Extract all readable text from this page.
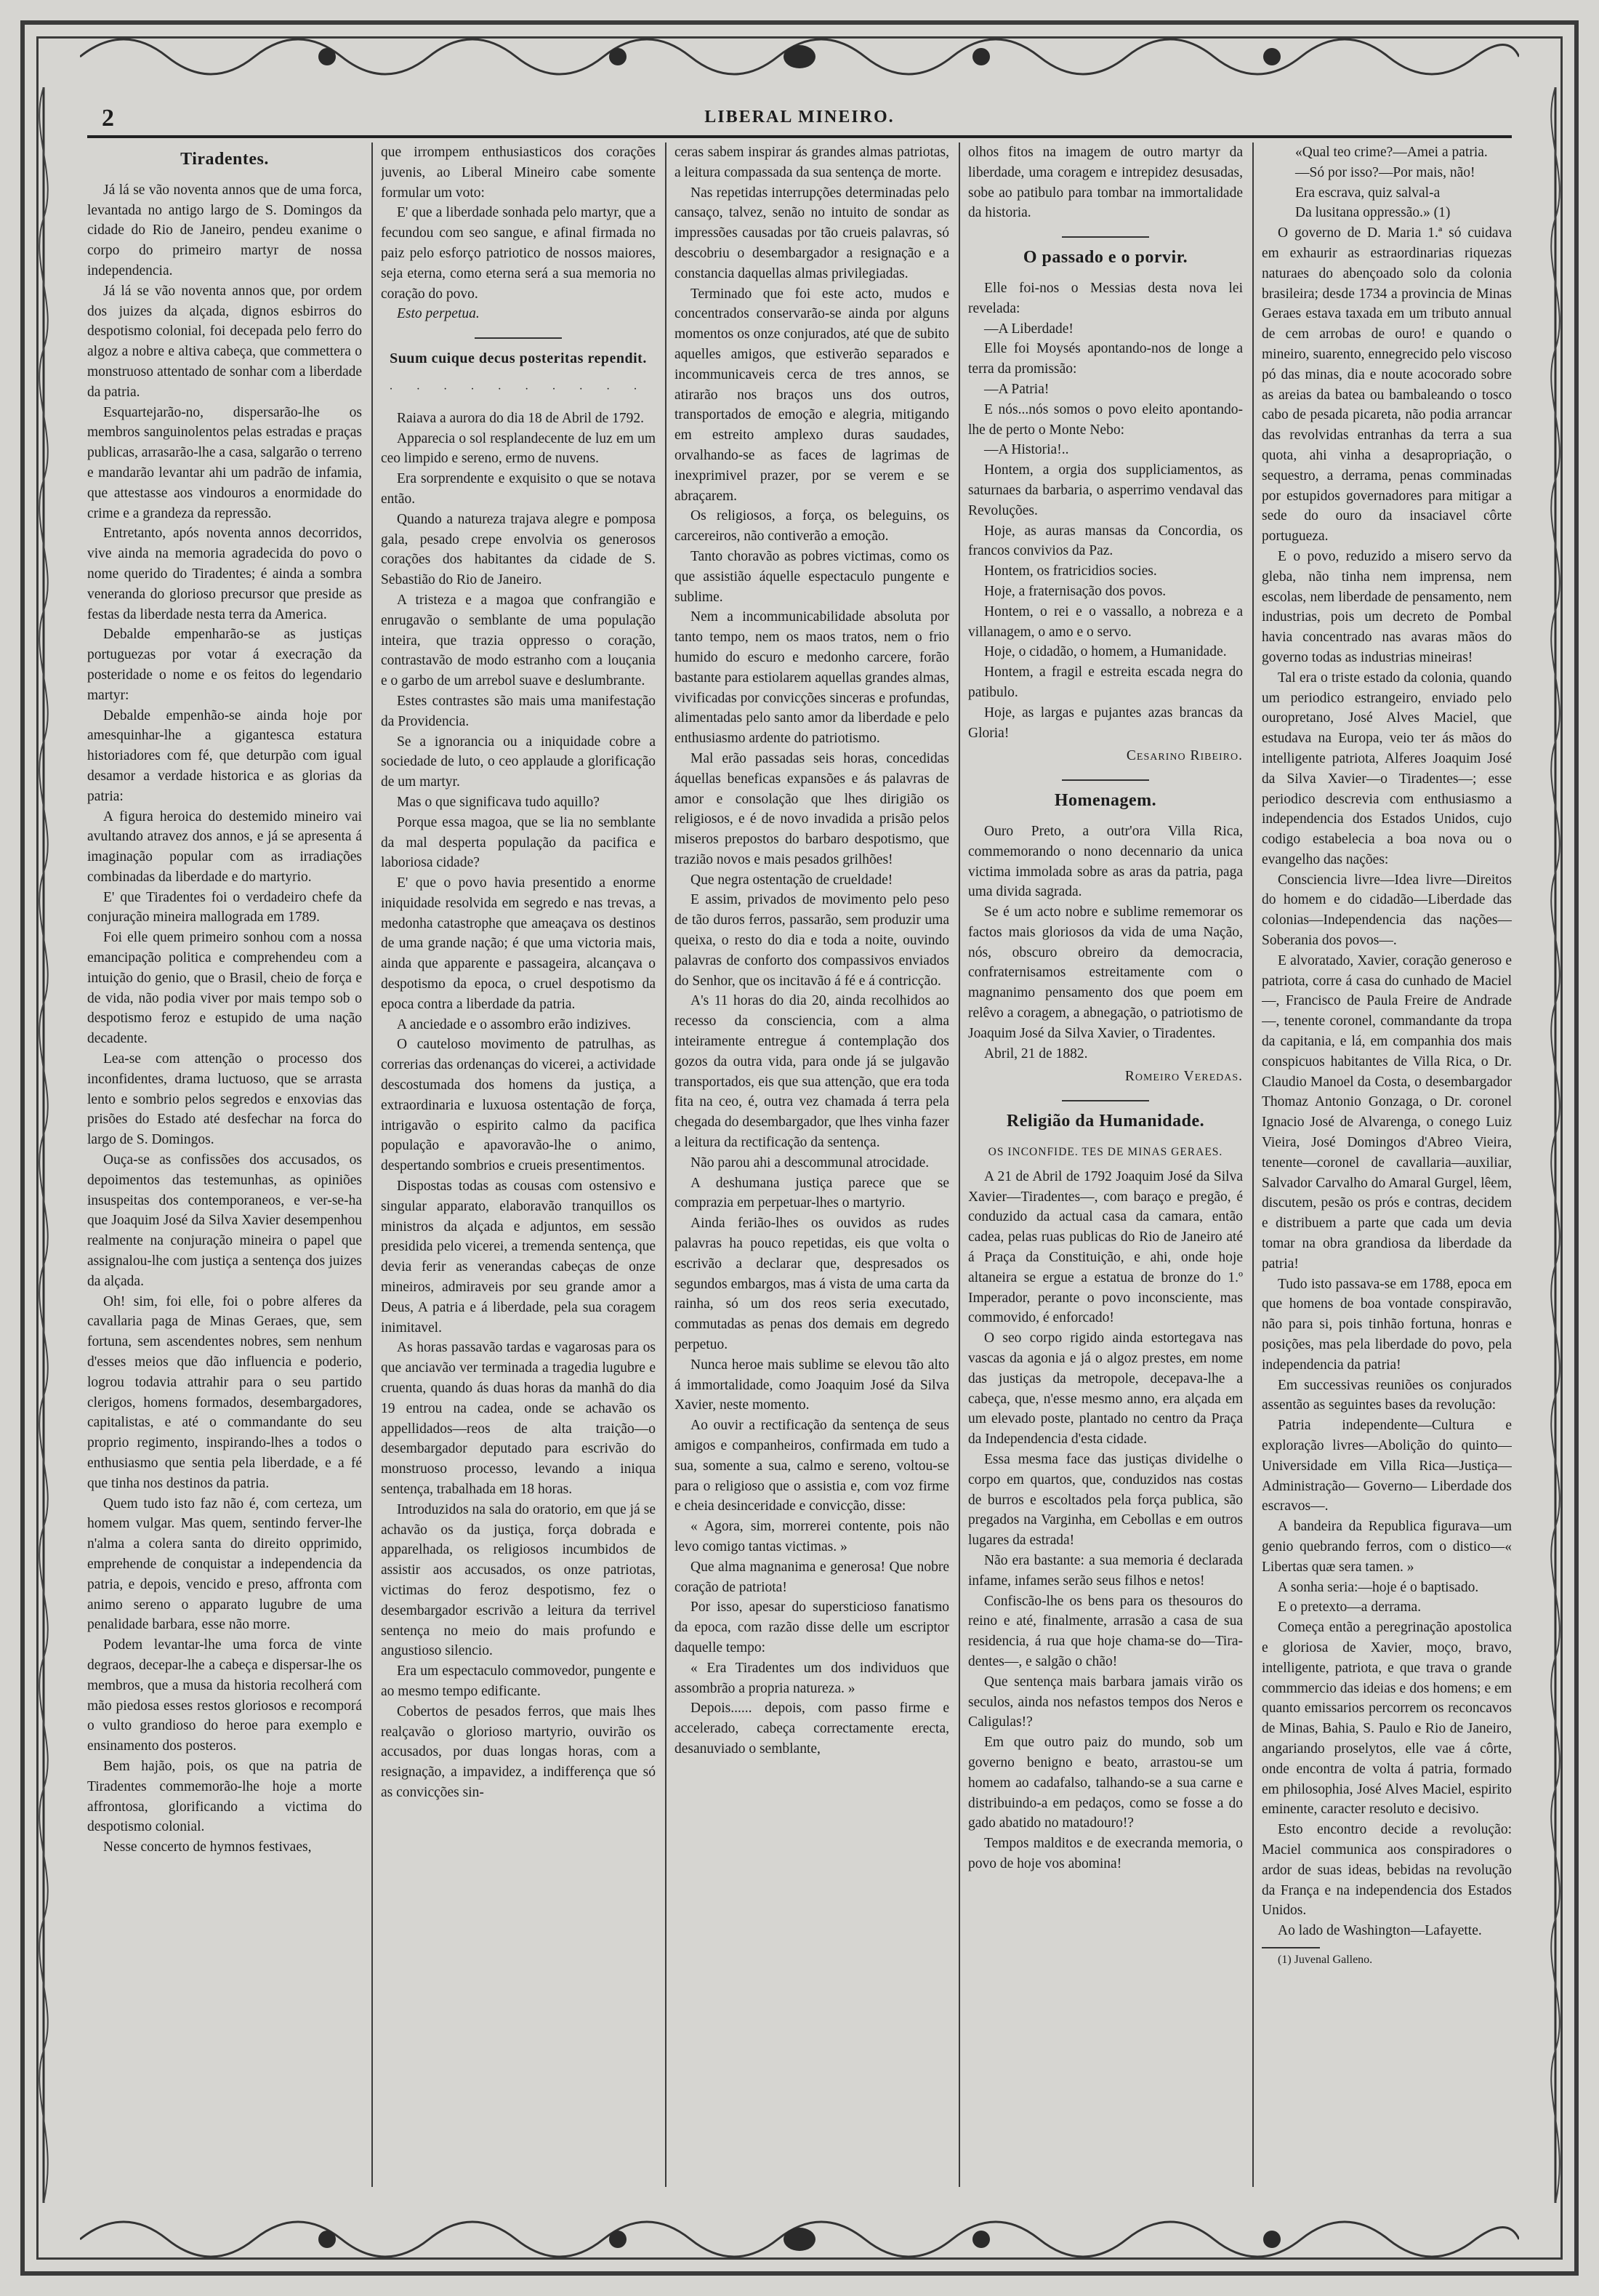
2	LIBERAL MINEIRO.
Tiradentes.

Já lá se vão noventa annos que de uma forca, levantada no antigo largo de S. Domingos da cidade do Rio de Janeiro, pendeu exanime o corpo do primeiro martyr de nossa independencia.

Já lá se vão noventa annos que, por ordem dos juizes da alçada, dignos esbirros do despotismo colonial, foi decepada pelo ferro do algoz a nobre e altiva cabeça, que commettera o monstruoso attentado de sonhar com a liberdade da patria.

Esquartejarão-no, dispersarão-lhe os membros sanguinolentos pelas estradas e praças publicas, arrasarão-lhe a casa, salgarão o terreno e mandarão levantar ahi um padrão de infamia, que attestasse aos vindouros a enormidade do crime e a grandeza da repressão.

Entretanto, após noventa annos decorridos, vive ainda na memoria agradecida do povo o nome querido do Tiradentes; é ainda a sombra veneranda do glorioso precursor que preside as festas da liberdade nesta terra da America.

Debalde empenharão-se as justiças portuguezas por votar á execração da posteridade o nome e os feitos do legendario martyr:

Debalde empenhão-se ainda hoje por amesquinhar-lhe a gigantesca estatura historiadores com fé, que deturpão com igual desamor a verdade historica e as glorias da patria:

A figura heroica do destemido mineiro vai avultando atravez dos annos, e já se apresenta á imaginação popular com as irradiações combinadas da liberdade e do martyrio.

E' que Tiradentes foi o verdadeiro chefe da conjuração mineira mallograda em 1789.

Foi elle quem primeiro sonhou com a nossa emancipação politica e comprehendeu com a intuição do genio, que o Brasil, cheio de força e de vida, não podia viver por mais tempo sob o despotismo feroz e estupido de uma nação decadente.

Lea-se com attenção o processo dos inconfidentes, drama luctuoso, que se arrasta lento e sombrio pelos segredos e enxovias das prisões do Estado até desfechar na forca do largo de S. Domingos.

Ouça-se as confissões dos accusados, os depoimentos das testemunhas, as opiniões insuspeitas dos contemporaneos, e ver-se-ha que Joaquim José da Silva Xavier desempenhou realmente na conjuração mineira o papel que assignalou-lhe com justiça a sentença dos juizes da alçada.

Oh! sim, foi elle, foi o pobre alferes da cavallaria paga de Minas Geraes, que, sem fortuna, sem ascendentes nobres, sem nenhum d'esses meios que dão influencia e poderio, logrou todavia attrahir para o seu partido clerigos, homens formados, desembargadores, capitalistas, e até o commandante do seu proprio regimento, inspirando-lhes a todos o enthusiasmo que sentia pela liberdade, e a fé que tinha nos destinos da patria.

Quem tudo isto faz não é, com certeza, um homem vulgar. Mas quem, sentindo ferver-lhe n'alma a colera santa do direito opprimido, emprehende de conquistar a independencia da patria, e depois, vencido e preso, affronta com animo sereno o apparato lugubre de uma penalidade barbara, esse não morre.

Podem levantar-lhe uma forca de vinte degraos, decepar-lhe a cabeça e dispersar-lhe os membros, que a musa da historia recolherá com mão piedosa esses restos gloriosos e recomporá o vulto grandioso do heroe para exemplo e ensinamento dos posteros.

Bem hajão, pois, os que na patria de Tiradentes commemorão-lhe hoje a morte affrontosa, glorificando a victima do despotismo colonial.

Nesse concerto de hymnos festivaes,

que irrompem enthusiasticos dos corações juvenis, ao Liberal Mineiro cabe somente formular um voto:

E' que a liberdade sonhada pelo martyr, que a fecundou com seo sangue, e afinal firmada no paiz pelo esforço patriotico de nossos maiores, seja eterna, como eterna será a sua memoria no coração do povo.

Esto perpetua.

Suum cuique decus posteritas rependit.
· · · · · · · · · ·

Raiava a aurora do dia 18 de Abril de 1792.

Apparecia o sol resplandecente de luz em um ceo limpido e sereno, ermo de nuvens.

Era sorprendente e exquisito o que se notava então.

Quando a natureza trajava alegre e pomposa gala, pesado crepe envolvia os generosos corações dos habitantes da cidade de S. Sebastião do Rio de Janeiro.

A tristeza e a magoa que confrangião e enrugavão o semblante de uma população inteira, que trazia oppresso o coração, contrastavão de modo estranho com a louçania e o garbo de um arrebol suave e deslumbrante.

Estes contrastes são mais uma manifestação da Providencia.

Se a ignorancia ou a iniquidade cobre a sociedade de luto, o ceo applaude a glorificação de um martyr.

Mas o que significava tudo aquillo?

Porque essa magoa, que se lia no semblante da mal desperta população da pacifica e laboriosa cidade?

E' que o povo havia presentido a enorme iniquidade resolvida em segredo e nas trevas, a medonha catastrophe que ameaçava os destinos de uma grande nação; é que uma victoria mais, ainda que apparente e passageira, alcançava o despotismo da epoca, o cruel despotismo da epoca contra a liberdade da patria.

A anciedade e o assombro erão indizives.

O cauteloso movimento de patrulhas, as correrias das ordenanças do vicerei, a actividade descostumada dos homens da justiça, a extraordinaria e luxuosa ostentação de força, intrigavão o espirito calmo da pacifica população e apavoravão-lhe o animo, despertando sombrios e crueis presentimentos.

Dispostas todas as cousas com ostensivo e singular apparato, elaboravão tranquillos os ministros da alçada e adjuntos, em sessão presidida pelo vicerei, a tremenda sentença, que devia ferir as venerandas cabeças de onze mineiros, admiraveis por seu grande amor a Deus, A patria e á liberdade, pela sua coragem inimitavel.

As horas passavão tardas e vagarosas para os que anciavão ver terminada a tragedia lugubre e cruenta, quando ás duas horas da manhã do dia 19 entrou na cadea, onde se achavão os appellidados—reos de alta traição—o desembargador deputado para escrivão do monstruoso processo, levando a iniqua sentença, trabalhada em 18 horas.

Introduzidos na sala do oratorio, em que já se achavão os da justiça, força dobrada e apparelhada, os religiosos incumbidos de assistir aos accusados, os onze patriotas, victimas do feroz despotismo, fez o desembargador escrivão a leitura da terrivel sentença no meio do mais profundo e angustioso silencio.

Era um espectaculo commovedor, pungente e ao mesmo tempo edificante.

Cobertos de pesados ferros, que mais lhes realçavão o glorioso martyrio, ouvirão os accusados, por duas longas horas, com a resignação, a impavidez, a indifferença que só as convicções sin-

ceras sabem inspirar ás grandes almas patriotas, a leitura compassada da sua sentença de morte.

Nas repetidas interrupções determinadas pelo cansaço, talvez, senão no intuito de sondar as impressões causadas por tão crueis palavras, só descobriu o desembargador a resignação e a constancia daquellas almas privilegiadas.

Terminado que foi este acto, mudos e concentrados conservarão-se ainda por alguns momentos os onze conjurados, até que de subito aquelles amigos, que estiverão separados e incommunicaveis cerca de tres annos, se atirarão nos braços uns dos outros, transportados de emoção e alegria, mitigando em estreito amplexo duras saudades, orvalhando-se as faces de lagrimas de inexprimivel prazer, por se verem e se abraçarem.

Os religiosos, a força, os beleguins, os carcereiros, não contiverão a emoção.

Tanto choravão as pobres victimas, como os que assistião áquelle espectaculo pungente e sublime.

Nem a incommunicabilidade absoluta por tanto tempo, nem os maos tratos, nem o frio humido do escuro e medonho carcere, forão bastante para estiolarem aquellas grandes almas, vivificadas por convicções sinceras e profundas, alimentadas pelo santo amor da liberdade e pelo enthusiasmo ardente do patriotismo.

Mal erão passadas seis horas, concedidas áquellas beneficas expansões e ás palavras de amor e consolação que lhes dirigião os religiosos, e é de novo invadida a prisão pelos miseros prepostos do barbaro despotismo, que trazião novos e mais pesados grilhões!

Que negra ostentação de crueldade!

E assim, privados de movimento pelo peso de tão duros ferros, passarão, sem produzir uma queixa, o resto do dia e toda a noite, ouvindo palavras de conforto dos compassivos enviados do Senhor, que os incitavão á fé e á contricção.

A's 11 horas do dia 20, ainda recolhidos ao recesso da consciencia, com a alma inteiramente entregue á contemplação dos gozos da outra vida, para onde já se julgavão transportados, eis que sua attenção, que era toda fita na ceo, é, outra vez chamada á terra pela chegada do desembargador, que lhes vinha fazer a leitura da rectificação da sentença.

Não parou ahi a descommunal atrocidade.

A deshumana justiça parece que se comprazia em perpetuar-lhes o martyrio.

Ainda ferião-lhes os ouvidos as rudes palavras ha pouco repetidas, eis que volta o escrivão a declarar que, despresados os segundos embargos, mas á vista de uma carta da rainha, só um dos reos seria executado, commutadas as penas dos demais em degredo perpetuo.

Nunca heroe mais sublime se elevou tão alto á immortalidade, como Joaquim José da Silva Xavier, neste momento.

Ao ouvir a rectificação da sentença de seus amigos e companheiros, confirmada em tudo a sua, somente a sua, calmo e sereno, voltou-se para o religioso que o assistia e, com voz firme e cheia desinceridade e convicção, disse:

« Agora, sim, morrerei contente, pois não levo comigo tantas victimas. »

Que alma magnanima e generosa! Que nobre coração de patriota!

Por isso, apesar do supersticioso fanatismo da epoca, com razão disse delle um escriptor daquelle tempo:

« Era Tiradentes um dos individuos que assombrão a propria natureza. »

Depois...... depois, com passo firme e accelerado, cabeça correctamente erecta, desanuviado o semblante,

olhos fitos na imagem de outro martyr da liberdade, uma coragem e intrepidez desusadas, sobe ao patibulo para tombar na immortalidade da historia.

O passado e o porvir.

Elle foi-nos o Messias desta nova lei revelada:

—A Liberdade!

Elle foi Moysés apontando-nos de longe a terra da promissão:

—A Patria!

E nós...nós somos o povo eleito apontando-lhe de perto o Monte Nebo:

—A Historia!..

Hontem, a orgia dos suppliciamentos, as saturnaes da barbaria, o asperrimo vendaval das Revoluções.

Hoje, as auras mansas da Concordia, os francos convivios da Paz.

Hontem, os fratricidios socies.

Hoje, a fraternisação dos povos.

Hontem, o rei e o vassallo, a nobreza e a villanagem, o amo e o servo.

Hoje, o cidadão, o homem, a Humanidade.

Hontem, a fragil e estreita escada negra do patibulo.

Hoje, as largas e pujantes azas brancas da Gloria!

Cesarino Ribeiro.

Homenagem.

Ouro Preto, a outr'ora Villa Rica, commemorando o nono decennario da unica victima immolada sobre as aras da patria, paga uma divida sagrada.

Se é um acto nobre e sublime rememorar os factos mais gloriosos da vida de uma Nação, nós, obscuro obreiro da democracia, confraternisamos estreitamente com o magnanimo pensamento dos que poem em relêvo a coragem, a abnegação, o patriotismo de Joaquim José da Silva Xavier, o Tiradentes.

Abril, 21 de 1882.

Romeiro Veredas.

Religião da Humanidade.
OS INCONFIDE. TES DE MINAS GERAES.

A 21 de Abril de 1792 Joaquim José da Silva Xavier—Tiradentes—, com baraço e pregão, é conduzido da actual casa da camara, então cadea, pelas ruas publicas do Rio de Janeiro até á Praça da Constituição, e ahi, onde hoje altaneira se ergue a estatua de bronze do 1.º Imperador, perante o povo inconsciente, mas commovido, é enforcado!

O seo corpo rigido ainda estortegava nas vascas da agonia e já o algoz prestes, em nome das justiças da metropole, decepava-lhe a cabeça, que, n'esse mesmo anno, era alçada em um elevado poste, plantado no centro da Praça da Independencia d'esta cidade.

Essa mesma face das justiças dividelhe o corpo em quartos, que, conduzidos nas costas de burros e escoltados pela força publica, são pregados na Varginha, em Cebollas e em outros lugares da estrada!

Não era bastante: a sua memoria é declarada infame, infames serão seus filhos e netos!

Confiscão-lhe os bens para os thesouros do reino e até, finalmente, arrasão a casa de sua residencia, á rua que hoje chama-se do—Tira-dentes—, e salgão o chão!

Que sentença mais barbara jamais virão os seculos, ainda nos nefastos tempos dos Neros e Caligulas!?

Em que outro paiz do mundo, sob um governo benigno e beato, arrastou-se um homem ao cadafalso, talhando-se a sua carne e distribuindo-a em pedaços, como se fosse a do gado abatido no matadouro!?

Tempos malditos e de execranda memoria, o povo de hoje vos abomina!

«Qual teo crime?—Amei a patria.

—Só por isso?—Por mais, não!

Era escrava, quiz salval-a

Da lusitana oppressão.» (1)

O governo de D. Maria 1.ª só cuidava em exhaurir as estraordinarias riquezas naturaes do abençoado solo da colonia brasileira; desde 1734 a provincia de Minas Geraes estava taxada em um tributo annual de cem arrobas de ouro! e quando o mineiro, suarento, ennegrecido pelo viscoso pó das minas, dia e noute acocorado sobre as areias da batea ou bambaleando o tosco cabo de pesada picareta, não podia arrancar das revolvidas entranhas da terra a sua quota, ahi vinha a desapropriação, o sequestro, a derrama, penas comminadas por estupidos governadores para mitigar a sede do ouro da insaciavel côrte portugueza.

E o povo, reduzido a misero servo da gleba, não tinha nem imprensa, nem escolas, nem liberdade de pensamento, nem industrias, pois um decreto de Pombal havia concentrado nas avaras mãos do governo todas as industrias mineiras!

Tal era o triste estado da colonia, quando um periodico estrangeiro, enviado pelo ouropretano, José Alves Maciel, que estudava na Europa, veio ter ás mãos do intelligente patriota, Alferes Joaquim José da Silva Xavier—o Tiradentes—; esse periodico descrevia com enthusiasmo a independencia dos Estados Unidos, cujo codigo estabelecia a boa nova ou o evangelho das nações:

Consciencia livre—Idea livre—Direitos do homem e do cidadão—Liberdade das colonias—Independencia das nações—Soberania dos povos—.

E alvoratado, Xavier, coração generoso e patriota, corre á casa do cunhado de Maciel—, Francisco de Paula Freire de Andrade—, tenente coronel, commandante da tropa da capitania, e lá, em companhia dos mais conspicuos habitantes de Villa Rica, o Dr. Claudio Manoel da Costa, o desembargador Thomaz Antonio Gonzaga, o Dr. coronel Ignacio José de Alvarenga, o conego Luiz Vieira, José Domingos d'Abreo Vieira, tenente—coronel de cavallaria—auxiliar, Salvador Carvalho do Amaral Gurgel, lêem, discutem, pesão os prós e contras, decidem e distribuem a parte que cada um devia tomar na obra grandiosa da liberdade da patria!

Tudo isto passava-se em 1788, epoca em que homens de boa vontade conspiravão, não para si, pois tinhão fortuna, honras e posições, mas pela liberdade do povo, pela independencia da patria!

Em successivas reuniões os conjurados assentão as seguintes bases da revolução:

Patria independente—Cultura e exploração livres—Abolição do quinto—Universidade em Villa Rica—Justiça—Administração— Governo— Liberdade dos escravos—.

A bandeira da Republica figurava—um genio quebrando ferros, com o distico—« Libertas quæ sera tamen. »

A sonha seria:—hoje é o baptisado.

E o pretexto—a derrama.

Começa então a peregrinação apostolica e gloriosa de Xavier, moço, bravo, intelligente, patriota, e que trava o grande commmercio das ideias e dos homens; e em quanto emissarios percorrem os reconcavos de Minas, Bahia, S. Paulo e Rio de Janeiro, angariando proselytos, elle vae á côrte, onde encontra de volta á patria, formado em philosophia, José Alves Maciel, espirito eminente, caracter resoluto e decisivo.

Esto encontro decide a revolução: Maciel communica aos conspiradores o ardor de suas ideas, bebidas na revolução da França e na independencia dos Estados Unidos.

Ao lado de Washington—Lafayette.

(1) Juvenal Galleno.
